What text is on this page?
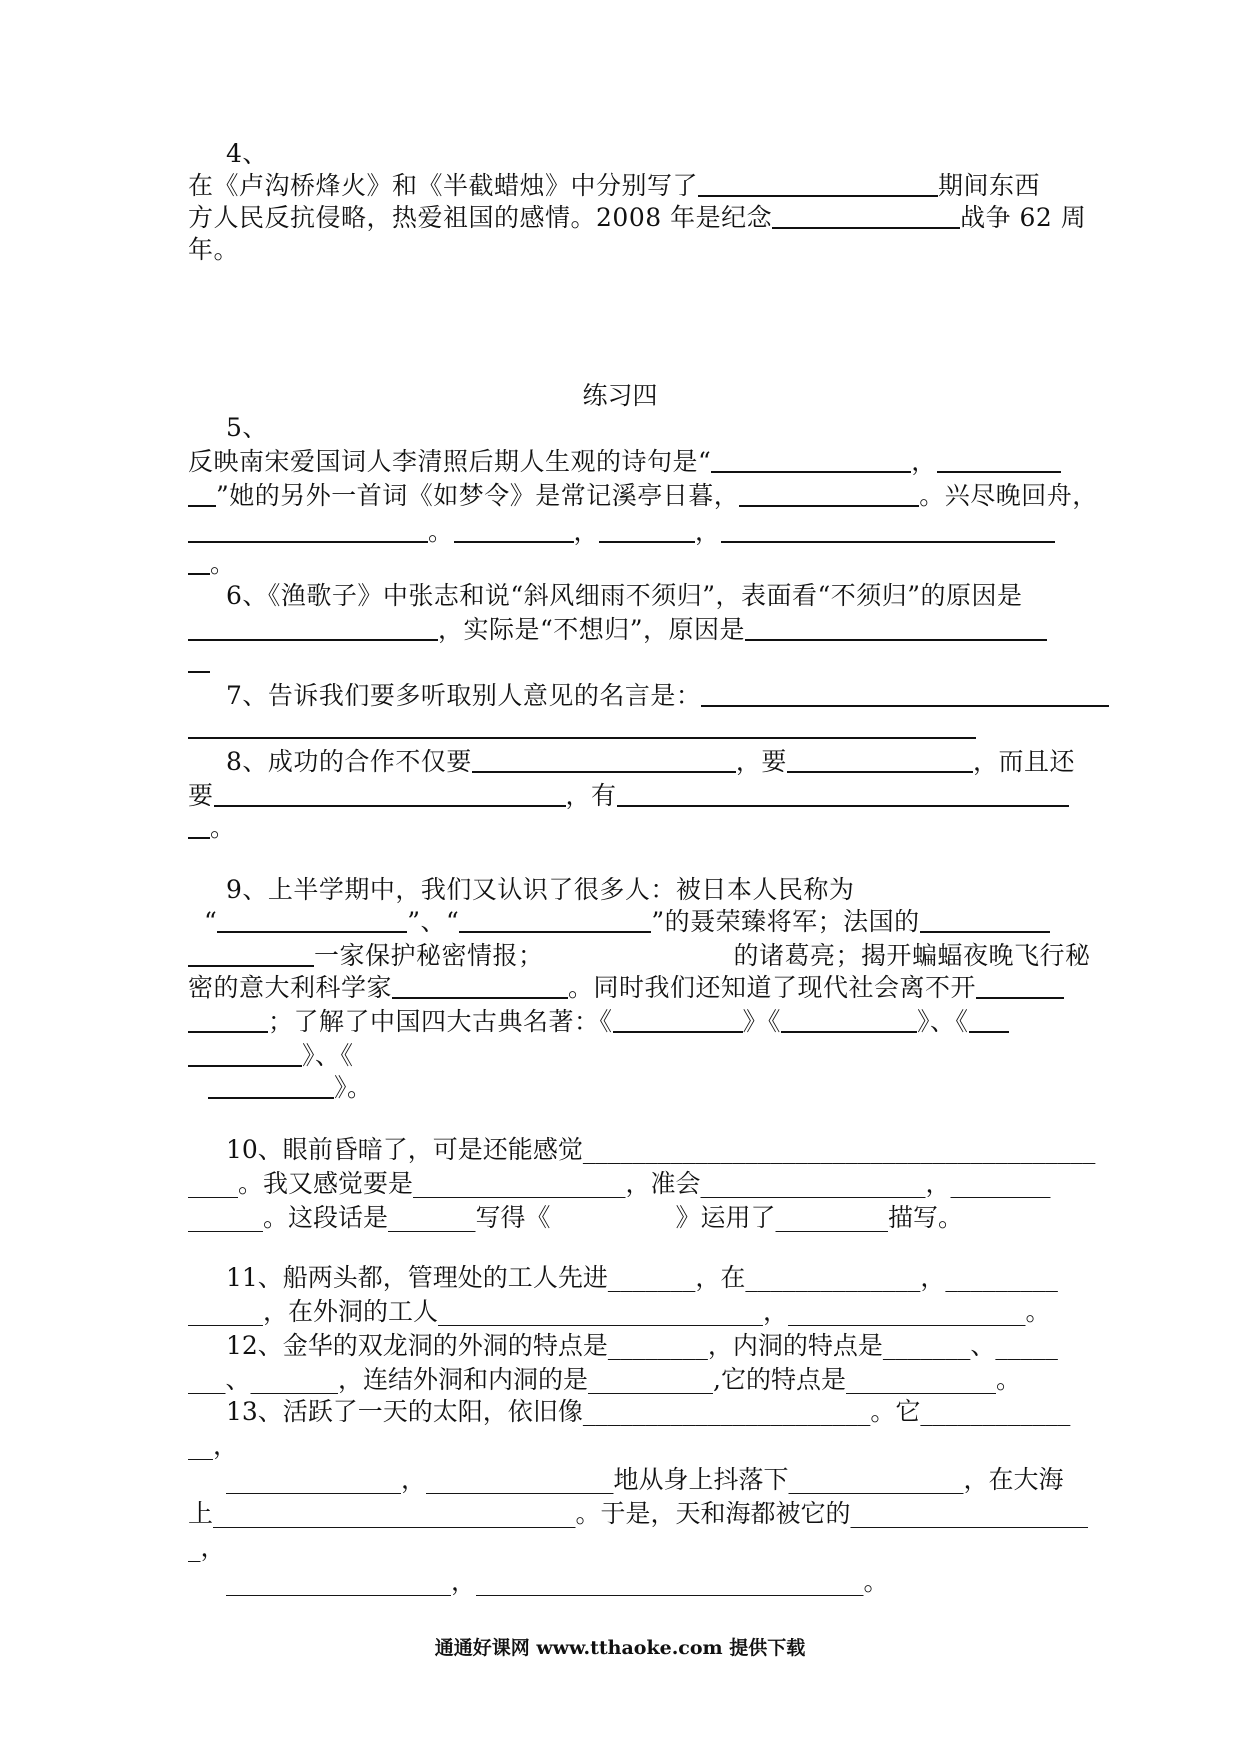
4、
在《卢沟桥烽火》和《半截蜡烛》中分别写了	期间东西
方人民反抗侵略，热爱祖国的感情。2008 年是纪念	战争 62 周
年。
练习四
5、
反映南宋爱国词人李清照后期人生观的诗句是“	，
”她的另外一首词《如梦令》是常记溪亭日暮，	。兴尽晚回舟，
。	，	，
。
6、《渔歌子》中张志和说“斜风细雨不须归”，表面看“不须归”的原因是
，实际是“不想归”，原因是
7、告诉我们要多听取别人意见的名言是：
8、成功的合作不仅要	，要	，而且还
要	，有
。
9、上半学期中，我们又认识了很多人：被日本人民称为
“	”、“	”的聂荣臻将军；法国的
一家保护秘密情报；	的诸葛亮；揭开蝙蝠夜晚飞行秘
密的意大利科学家	。同时我们还知道了现代社会离不开
；了解了中国四大古典名著：《	》《	》、《
》、《
》。
10、眼前昏暗了，可是还能感觉_________________________________________
____。我又感觉要是_________________，准会__________________，________
______。这段话是_______写得《　　　　　》运用了_________描写。
11、船两头都，管理处的工人先进_______，在______________，_________
______，在外洞的工人__________________________，___________________。
12、金华的双龙洞的外洞的特点是________，内洞的特点是_______、_____
___、_______，连结外洞和内洞的是__________,它的特点是____________。
13、活跃了一天的太阳，依旧像_______________________。它____________
__，
______________，_______________地从身上抖落下______________，在大海
上_____________________________。于是，天和海都被它的___________________
_，
__________________，_______________________________。
通通好课网 www.tthaoke.com 提供下载
